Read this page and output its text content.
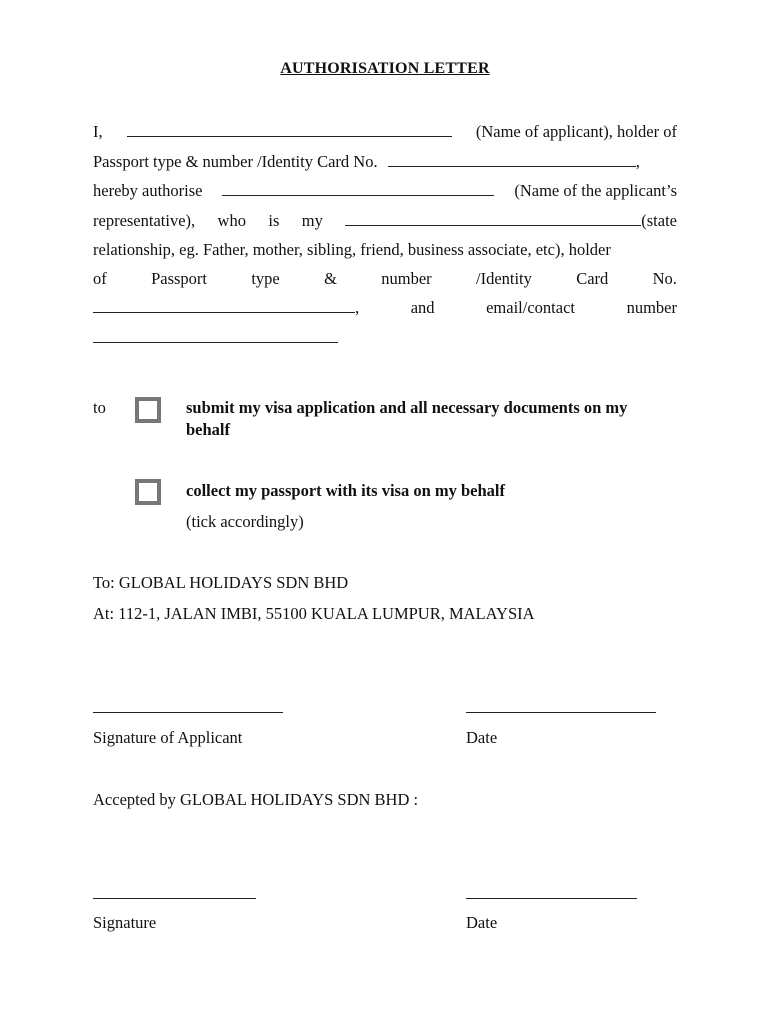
AUTHORISATION LETTER
I,	(Name of applicant), holder of
Passport type & number /Identity Card No.	,
hereby authorise	(Name of the applicant’s
representative), who is my	(state
relationship, eg. Father, mother, sibling, friend, business associate, etc), holder
of	Passport	type	&	number	/Identity	Card	No.
,	and	email/contact	number
to	submit my visa application and all necessary documents on my
behalf
collect my passport with its visa on my behalf
(tick accordingly)
To: GLOBAL HOLIDAYS SDN BHD
At: 112-1, JALAN IMBI, 55100 KUALA LUMPUR, MALAYSIA
Signature of Applicant	Date
Accepted by GLOBAL HOLIDAYS SDN BHD :
Signature	Date
